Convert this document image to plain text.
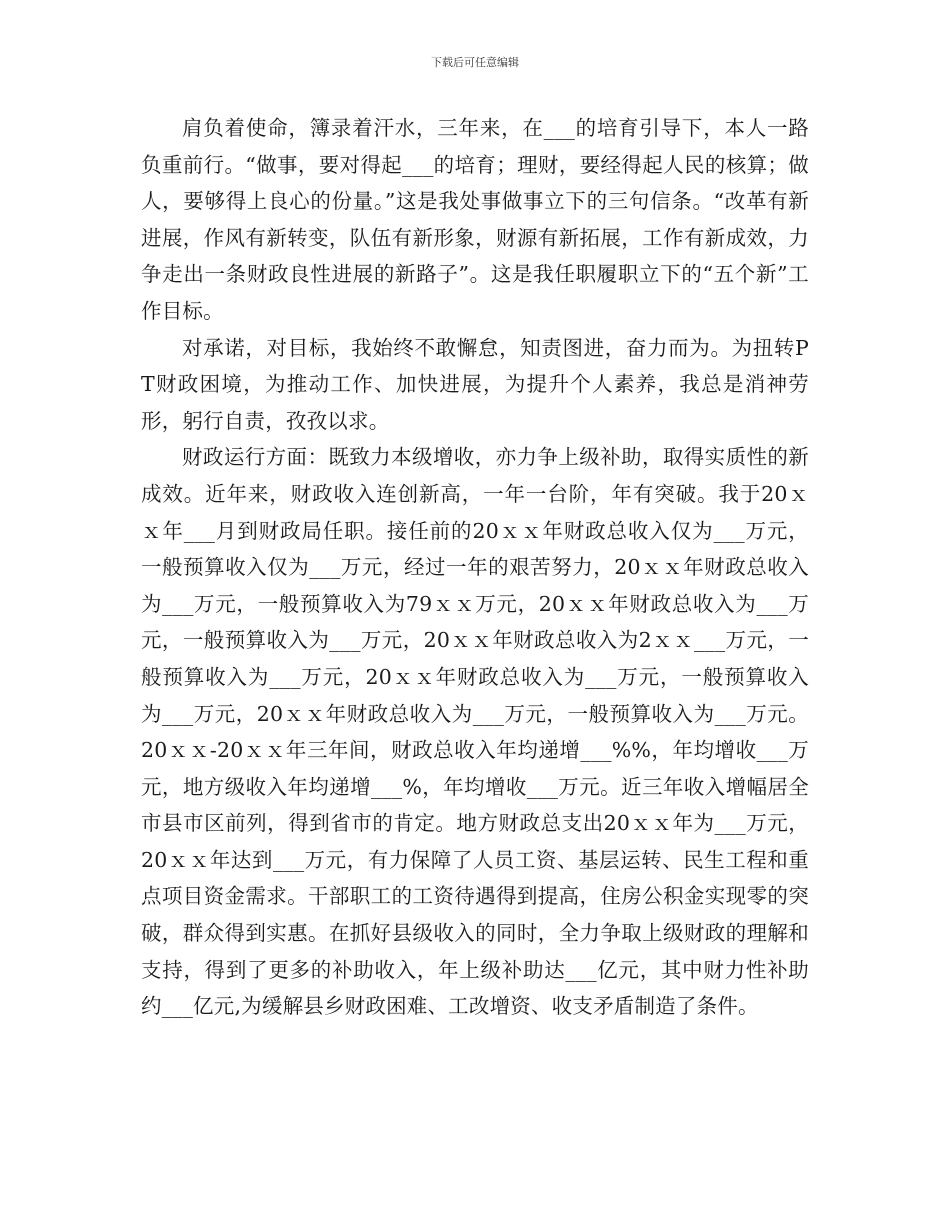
下载后可任意编辑

肩负着使命，簿录着汗水，三年来，在___的培育引导下，本人一路负重前行。“做事，要对得起___的培育；理财，要经得起人民的核算；做人，要够得上良心的份量。”这是我处事做事立下的三句信条。“改革有新进展，作风有新转变，队伍有新形象，财源有新拓展，工作有新成效，力争走出一条财政良性进展的新路子”。这是我任职履职立下的“五个新”工作目标。

对承诺，对目标，我始终不敢懈怠，知责图进，奋力而为。为扭转PT财政困境，为推动工作、加快进展，为提升个人素养，我总是消神劳形，躬行自责，孜孜以求。

财政运行方面：既致力本级增收，亦力争上级补助，取得实质性的新成效。近年来，财政收入连创新高，一年一台阶，年有突破。我于20ｘｘ年___月到财政局任职。接任前的20ｘｘ年财政总收入仅为___万元，一般预算收入仅为___万元，经过一年的艰苦努力，20ｘｘ年财政总收入为___万元，一般预算收入为79ｘｘ万元，20ｘｘ年财政总收入为___万元，一般预算收入为___万元，20ｘｘ年财政总收入为2ｘｘ___万元，一般预算收入为___万元，20ｘｘ年财政总收入为___万元，一般预算收入为___万元，20ｘｘ年财政总收入为___万元，一般预算收入为___万元。20ｘｘ-20ｘｘ年三年间，财政总收入年均递增___%%，年均增收___万元，地方级收入年均递增___%，年均增收___万元。近三年收入增幅居全市县市区前列，得到省市的肯定。地方财政总支出20ｘｘ年为___万元，20ｘｘ年达到___万元，有力保障了人员工资、基层运转、民生工程和重点项目资金需求。干部职工的工资待遇得到提高，住房公积金实现零的突破，群众得到实惠。在抓好县级收入的同时，全力争取上级财政的理解和支持，得到了更多的补助收入，年上级补助达___亿元，其中财力性补助约___亿元,为缓解县乡财政困难、工改增资、收支矛盾制造了条件。
